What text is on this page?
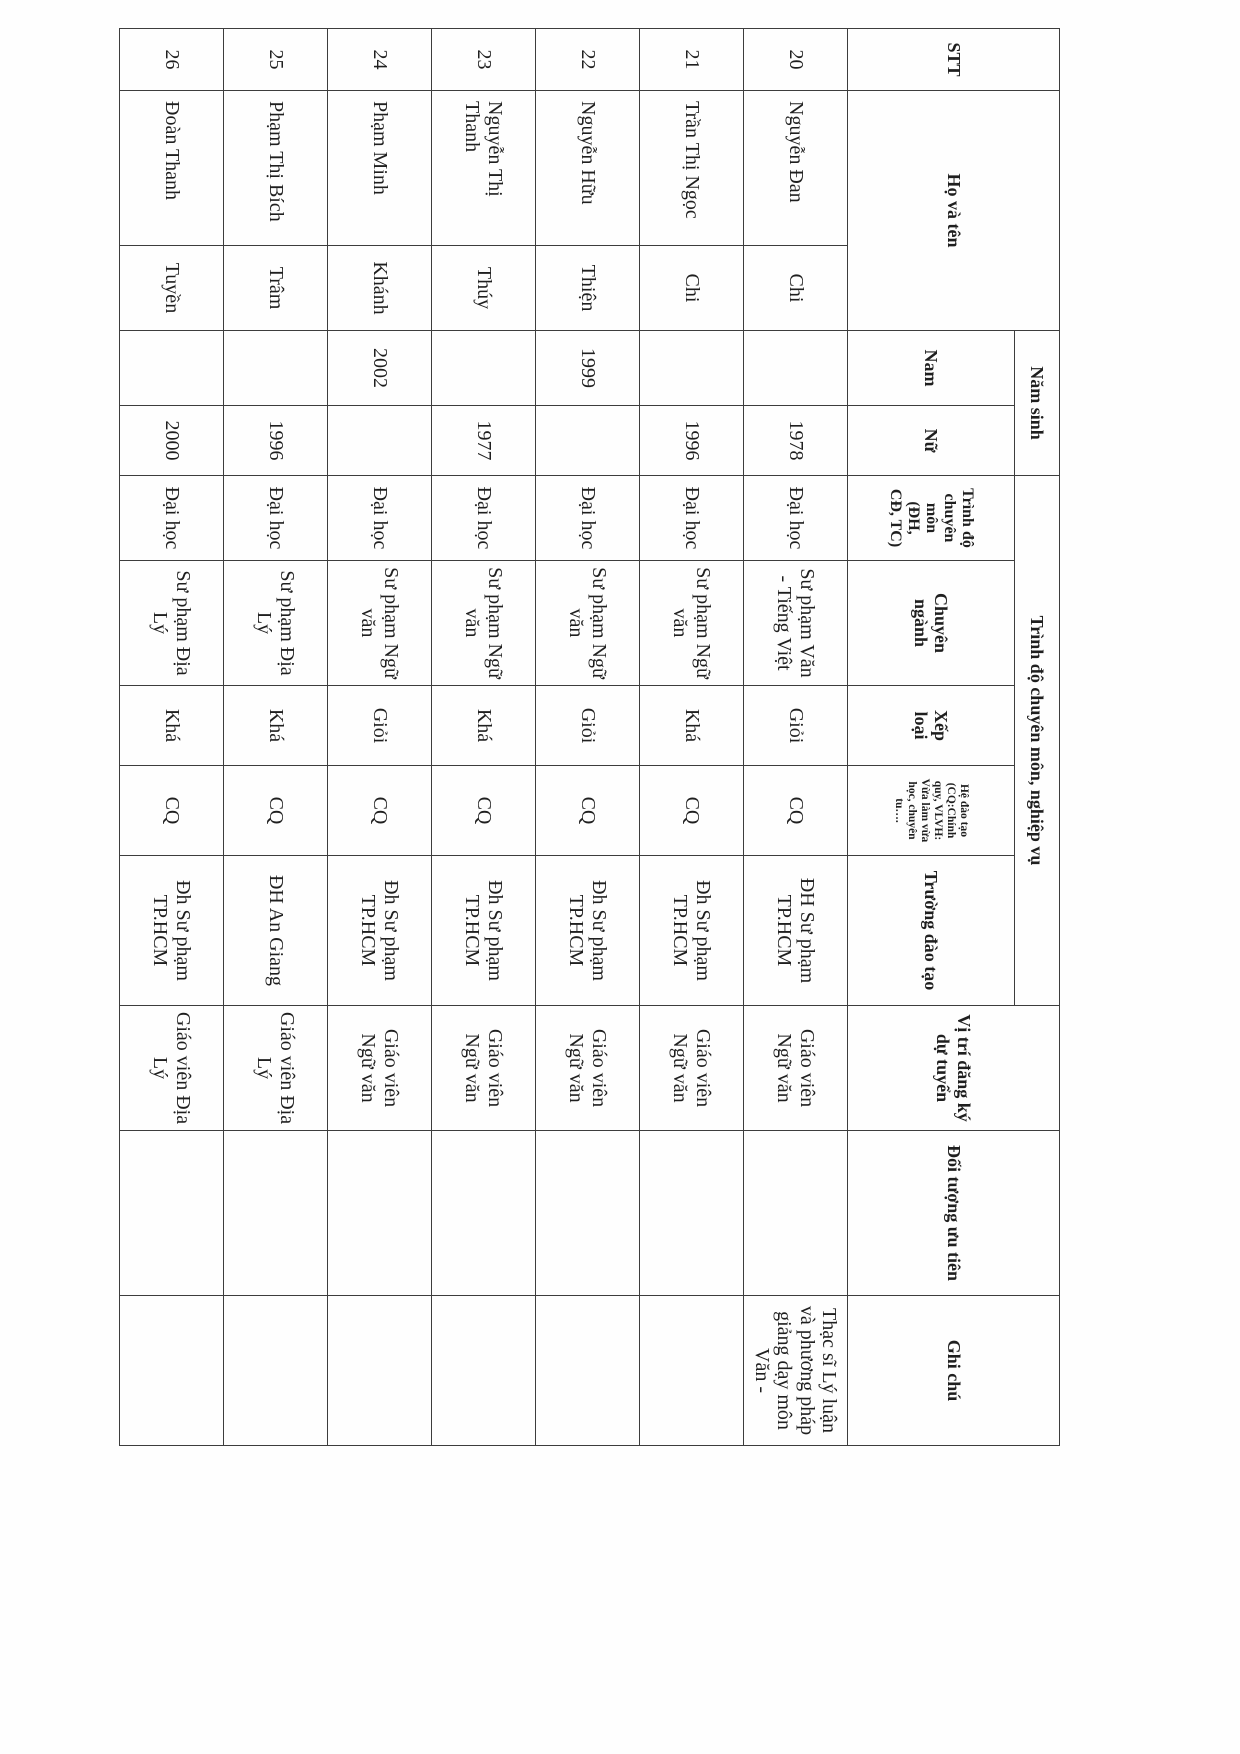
STT	Họ và tên		Năm sinh		Trình độ chuyên môn, nghiệp vụ					Vị trí đăng ký dự tuyển	Đối tượng ưu tiên	Ghi chú
			Nam	Nữ	Trình độ chuyên môn (ĐH, CĐ, TC)	Chuyên ngành	Xếp loại	Hệ đào tạo (CQ:Chính quy, VLVH: Vừa làm vừa học, chuyên tu….	Trường đào tạo			
20	Nguyễn Đan	Chi		1978	Đại học	Sư phạm Văn - Tiếng Việt	Giỏi	CQ	ĐH Sư phạm TP.HCM	Giáo viên Ngữ văn		Thạc sĩ Lý luận và phương pháp giảng dạy môn Văn -
21	Trần Thị Ngọc	Chi		1996	Đại học	Sư phạm Ngữ văn	Khá	CQ	Đh Sư phạm TP.HCM	Giáo viên Ngữ văn		
22	Nguyễn Hữu	Thiện	1999		Đại học	Sư phạm Ngữ văn	Giỏi	CQ	Đh Sư phạm TP.HCM	Giáo viên Ngữ văn		
23	Nguyễn Thị Thanh	Thúy		1977	Đại học	Sư phạm Ngữ văn	Khá	CQ	Đh Sư phạm TP.HCM	Giáo viên Ngữ văn		
24	Phạm Minh	Khánh	2002		Đại học	Sư phạm Ngữ văn	Giỏi	CQ	Đh Sư phạm TP.HCM	Giáo viên Ngữ văn		
25	Phạm Thị Bích	Trâm		1996	Đại học	Sư phạm Địa Lý	Khá	CQ	ĐH An Giang	Giáo viên Địa Lý		
26	Đoàn Thanh	Tuyền		2000	Đại học	Sư phạm Địa Lý	Khá	CQ	Đh Sư phạm TP.HCM	Giáo viên Địa Lý		
